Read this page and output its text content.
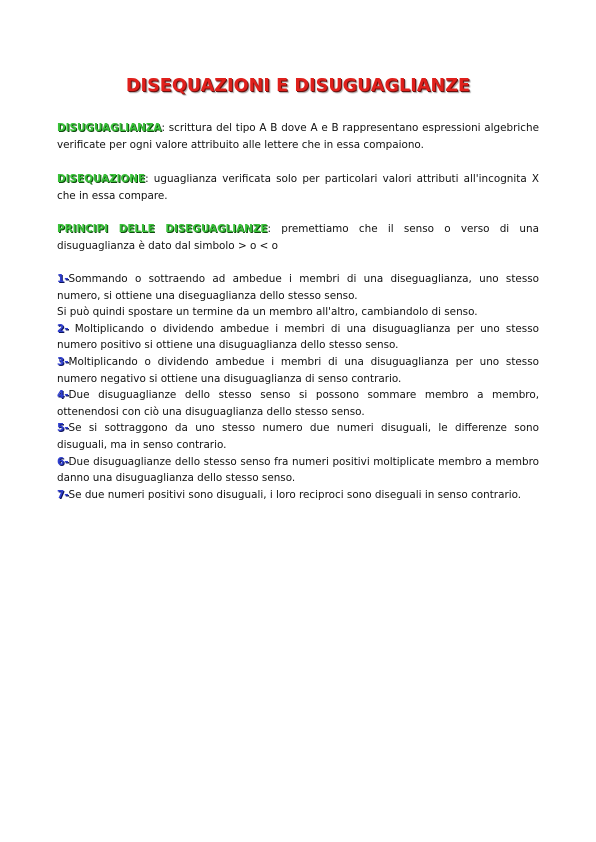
DISEQUAZIONI E DISUGUAGLIANZE

DISUGUAGLIANZA: scrittura del tipo A B dove A e B rappresentano espressioni algebriche verificate per ogni valore attribuito alle lettere che in essa compaiono.

DISEQUAZIONE: uguaglianza verificata solo per particolari valori attributi all'incognita X che in essa compare.

PRINCIPI DELLE DISEGUAGLIANZE: premettiamo che il senso o verso di una disuguaglianza è dato dal simbolo > o < o

1-Sommando o sottraendo ad ambedue i membri di una diseguaglianza, uno stesso numero, si ottiene una diseguaglianza dello stesso senso.

Si può quindi spostare un termine da un membro all'altro, cambiandolo di senso.

2- Moltiplicando o dividendo ambedue i membri di una disuguaglianza per uno stesso numero positivo si ottiene una disuguaglianza dello stesso senso.

3-Moltiplicando o dividendo ambedue i membri di una disuguaglianza per uno stesso numero negativo si ottiene una disuguaglianza di senso contrario.

4-Due disuguaglianze dello stesso senso si possono sommare membro a membro, ottenendosi con ciò una disuguaglianza dello stesso senso.

5-Se si sottraggono da uno stesso numero due numeri disuguali, le differenze sono disuguali, ma in senso contrario.

6-Due disuguaglianze dello stesso senso fra numeri positivi moltiplicate membro a membro danno una disuguaglianza dello stesso senso.

7-Se due numeri positivi sono disuguali, i loro reciproci sono diseguali in senso contrario.
